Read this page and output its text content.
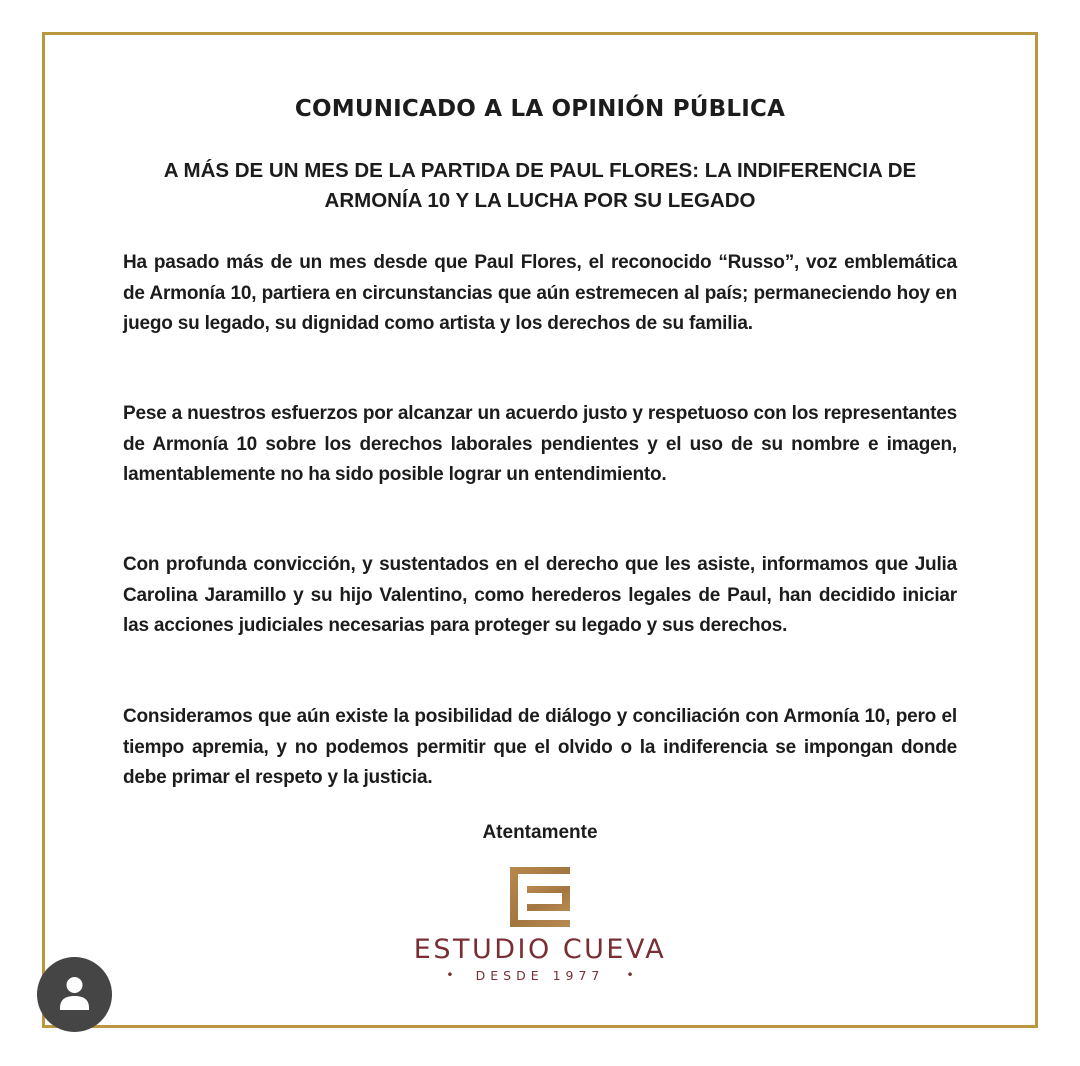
COMUNICADO A LA OPINIÓN PÚBLICA
A MÁS DE UN MES DE LA PARTIDA DE PAUL FLORES: LA INDIFERENCIA DE ARMONÍA 10 Y LA LUCHA POR SU LEGADO

Ha pasado más de un mes desde que Paul Flores, el reconocido “Russo”, voz emblemática de Armonía 10, partiera en circunstancias que aún estremecen al país; permaneciendo hoy en juego su legado, su dignidad como artista y los derechos de su familia.

Pese a nuestros esfuerzos por alcanzar un acuerdo justo y respetuoso con los representantes de Armonía 10 sobre los derechos laborales pendientes y el uso de su nombre e imagen, lamentablemente no ha sido posible lograr un entendimiento.

Con profunda convicción, y sustentados en el derecho que les asiste, informamos que Julia Carolina Jaramillo y su hijo Valentino, como herederos legales de Paul, han decidido iniciar las acciones judiciales necesarias para proteger su legado y sus derechos.

Consideramos que aún existe la posibilidad de diálogo y conciliación con Armonía 10, pero el tiempo apremia, y no podemos permitir que el olvido o la indiferencia se impongan donde debe primar el respeto y la justicia.

Atentamente
ESTUDIO CUEVA
• DESDE 1977 •
